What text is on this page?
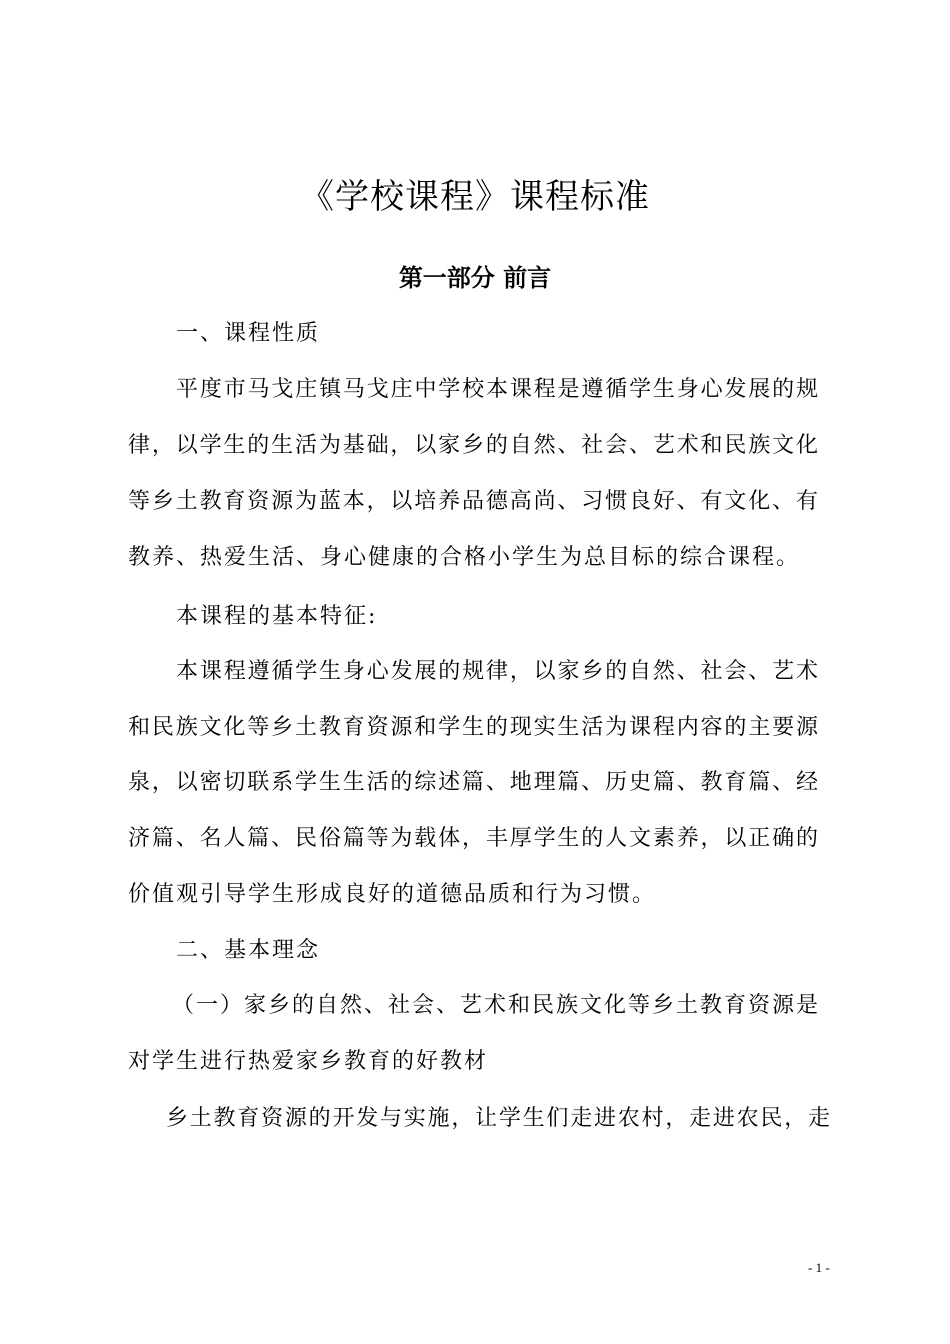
《学校课程》课程标准
第一部分 前言
一、课程性质
平度市马戈庄镇马戈庄中学校本课程是遵循学生身心发展的规
律，以学生的生活为基础，以家乡的自然、社会、艺术和民族文化
等乡土教育资源为蓝本，以培养品德高尚、习惯良好、有文化、有
教养、热爱生活、身心健康的合格小学生为总目标的综合课程。
本课程的基本特征:
本课程遵循学生身心发展的规律，以家乡的自然、社会、艺术
和民族文化等乡土教育资源和学生的现实生活为课程内容的主要源
泉，以密切联系学生生活的综述篇、地理篇、历史篇、教育篇、经
济篇、名人篇、民俗篇等为载体，丰厚学生的人文素养，以正确的
价值观引导学生形成良好的道德品质和行为习惯。
二、基本理念
（一）家乡的自然、社会、艺术和民族文化等乡土教育资源是
对学生进行热爱家乡教育的好教材
乡土教育资源的开发与实施，让学生们走进农村，走进农民，走
- 1 -
